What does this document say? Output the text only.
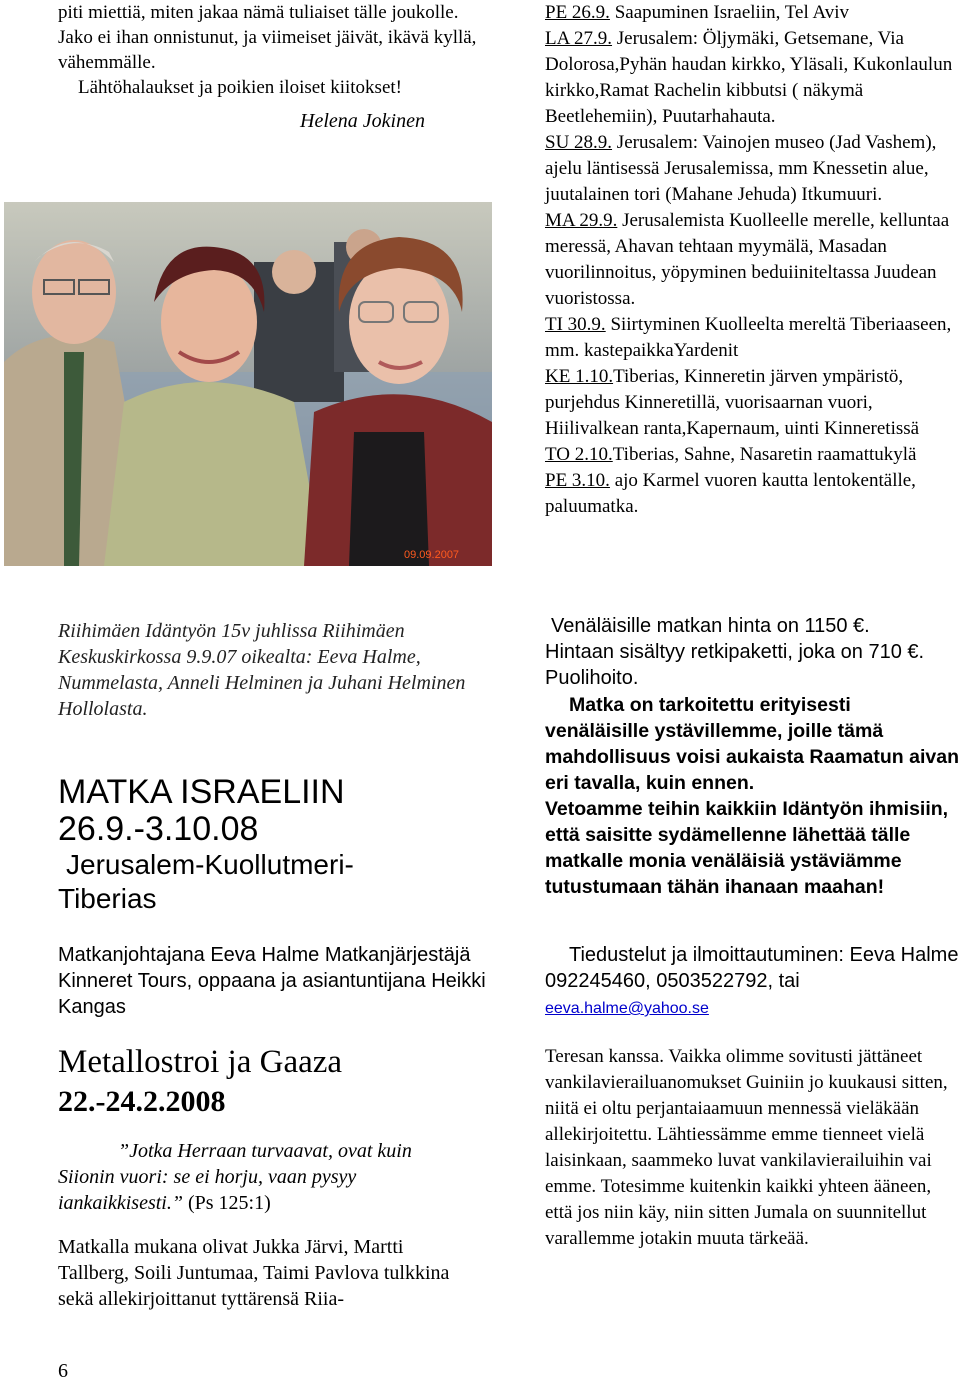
piti miettiä, miten jakaa nämä tuliaiset tälle joukolle. Jako ei ihan onnistunut, ja viimeiset jäivät, ikävä kyllä, vähemmälle.

Lähtöhalaukset ja poikien iloiset kiitokset!

Helena Jokinen

09.09.2007

Riihimäen Idäntyön 15v juhlissa Riihimäen Keskuskirkossa 9.9.07 oikealta: Eeva Halme, Nummelasta, Anneli Helminen ja Juhani Helminen Hollolasta.

MATKA ISRAELIIN
26.9.-3.10.08
Jerusalem-Kuollutmeri-Tiberias

Matkanjohtajana Eeva Halme Matkanjärjestäjä Kinneret Tours, oppaana ja asiantuntijana Heikki Kangas

Metallostroi ja Gaaza

22.-24.2.2008

”Jotka Herraan turvaavat, ovat kuin Siionin vuori: se ei horju, vaan pysyy iankaikkisesti.” (Ps 125:1)

Matkalla mukana olivat Jukka Järvi, Martti Tallberg, Soili Juntumaa, Taimi Pavlova tulkkina sekä allekirjoittanut tyttärensä Riia-

6

PE 26.9. Saapuminen Israeliin, Tel Aviv

LA 27.9. Jerusalem: Öljymäki, Getsemane, Via Dolorosa,Pyhän haudan kirkko, Yläsali, Kukonlaulun kirkko,Ramat Rachelin kibbutsi ( näkymä Beetlehemiin), Puutarhahauta.

SU 28.9. Jerusalem: Vainojen museo (Jad Vashem), ajelu läntisessä Jerusalemissa, mm Knessetin alue, juutalainen tori (Mahane Jehuda) Itkumuuri.

MA 29.9. Jerusalemista Kuolleelle merelle, kelluntaa meressä, Ahavan tehtaan myymälä, Masadan vuorilinnoitus, yöpyminen beduiiniteltassa Juudean vuoristossa.

TI 30.9. Siirtyminen Kuolleelta mereltä Tiberiaaseen, mm. kastepaikkaYardenit

KE 1.10.Tiberias, Kinneretin järven ympäristö, purjehdus Kinneretillä, vuorisaarnan vuori, Hiilivalkean ranta,Kapernaum, uinti Kinneretissä

TO 2.10.Tiberias, Sahne, Nasaretin raamattukylä

PE 3.10. ajo Karmel vuoren kautta lentokentälle, paluumatka.

Venäläisille matkan hinta on 1150 €.

Hintaan sisältyy retkipaketti, joka on 710 €. Puolihoito.

Matka on tarkoitettu erityisesti venäläisille ystävillemme, joille tämä mahdollisuus voisi aukaista Raamatun aivan eri tavalla, kuin ennen.

Vetoamme teihin kaikkiin Idäntyön ihmisiin, että saisitte sydämellenne lähettää tälle matkalle monia venäläisiä ystäviämme tutustumaan tähän ihanaan maahan!

Tiedustelut ja ilmoittautuminen: Eeva Halme 092245460, 0503522792, tai

eeva.halme@yahoo.se

Teresan kanssa. Vaikka olimme sovitusti jättäneet vankilavierailuanomukset Guiniin jo kuukausi sitten, niitä ei oltu perjantaiaamuun mennessä vieläkään allekirjoitettu. Lähtiessämme emme tienneet vielä laisinkaan, saammeko luvat vankilavierailuihin vai emme. Totesimme kuitenkin kaikki yhteen ääneen, että jos niin käy, niin sitten Jumala on suunnitellut varallemme jotakin muuta tärkeää.
